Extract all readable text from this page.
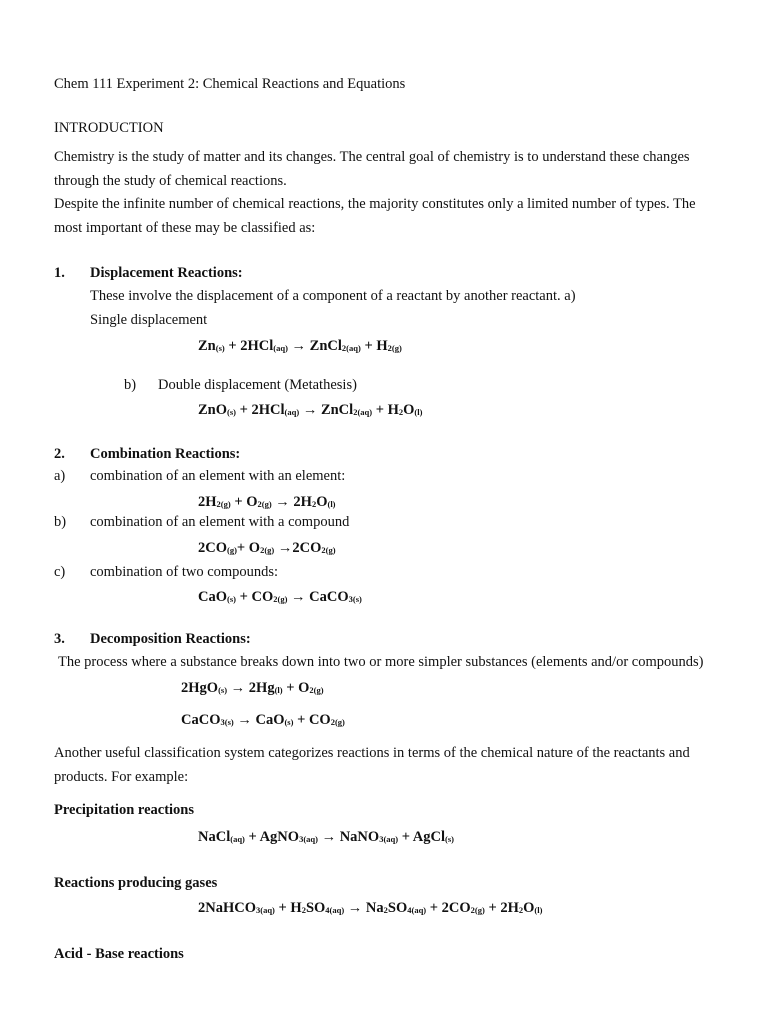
Chem 111 Experiment 2: Chemical Reactions and Equations
INTRODUCTION
Chemistry is the study of matter and its changes. The central goal of chemistry is to understand these changes through the study of chemical reactions.
Despite the infinite number of chemical reactions, the majority constitutes only a limited number of types. The most important of these may be classified as:
1. Displacement Reactions:
These involve the displacement of a component of a reactant by another reactant. a)
Single displacement
$Zn_{(s)} + 2HCl_{(aq)}$ → ZnCl$_{2(aq)}$ + $H_{2(g)}$
b) Double displacement (Metathesis)
ZnO$_{(s)}$ + 2HCl$_{(aq)}$ → ZnCl$_{2(aq)}$ + $H_2O_{(l)}$
2. Combination Reactions:
a) combination of an element with an element:
$2H_{2(g)} + O_{2(g)} \to 2H_2O_{(l)}$
b) combination of an element with a compound
$2CO_{(g)}+ O_{2(g)} \to 2CO_{2(g)}$
c) combination of two compounds:
$CaO_{(s)} + CO_{2(g)}$ → CaCO$_{3(s)}$
3. Decomposition Reactions:
The process where a substance breaks down into two or more simpler substances (elements and/or compounds)
$2HgO_{(s)} \to 2Hg_{(l)} + O_{2(g)}$
CaCO$_{3(s)}$ → $CaO_{(s)} + CO_{2(g)}$
Another useful classification system categorizes reactions in terms of the chemical nature of the reactants and products. For example:
Precipitation reactions
NaCl$_{(aq)}$ + AgNO$_{3(aq)}$ → NaNO$_{3(aq)}$ + AgCl$_{(s)}$
Reactions producing gases
2NaHCO$_{3(aq)}$ + $H_2SO_{4(aq)} \to Na_2SO_{4(aq)} + 2CO_{2(g)} + 2H_2O_{(l)}$
Acid - Base reactions
